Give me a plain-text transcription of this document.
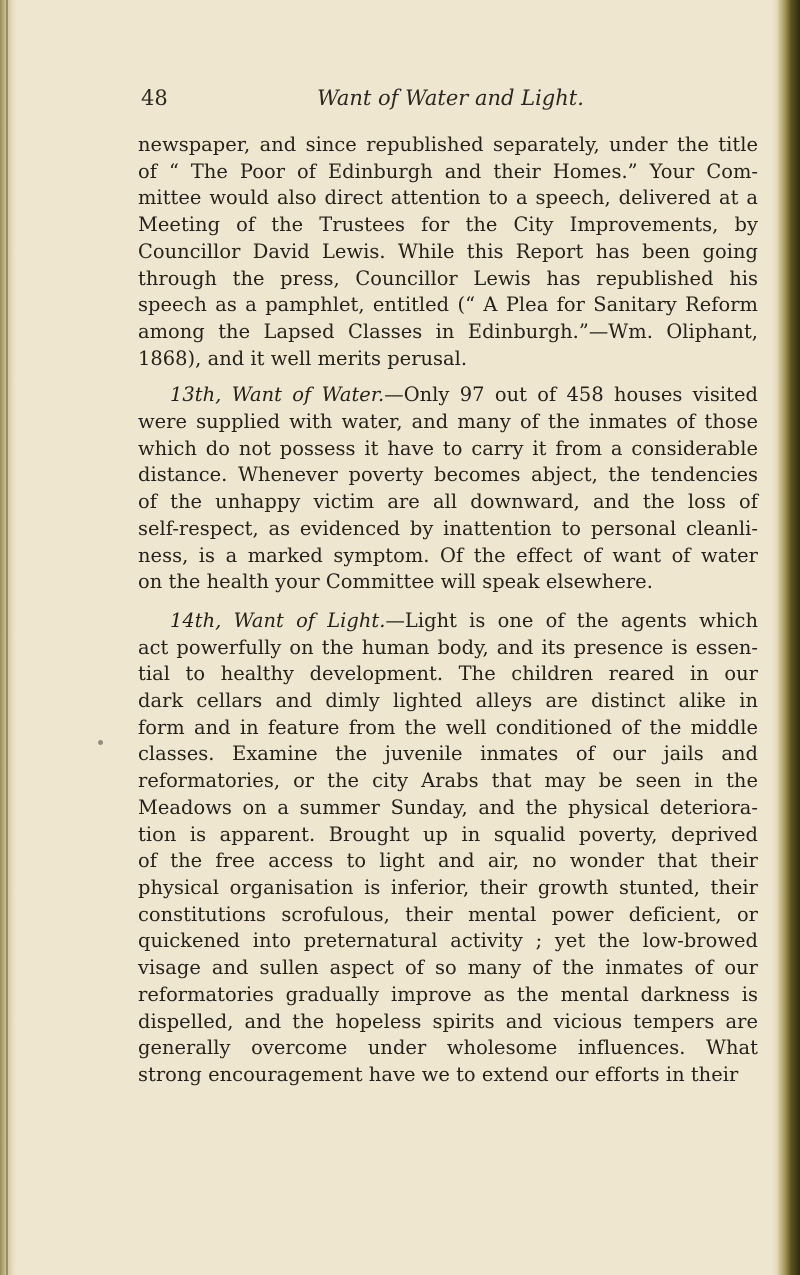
48	Want of Water and Light.
newspaper, and since republished separately, under the title
of “ The Poor of Edinburgh and their Homes.” Your Com-
mittee would also direct attention to a speech, delivered at a
Meeting of the Trustees for the City Improvements, by
Councillor David Lewis. While this Report has been going
through the press, Councillor Lewis has republished his
speech as a pamphlet, entitled (“ A Plea for Sanitary Reform
among the Lapsed Classes in Edinburgh.”—Wm. Oliphant,
1868), and it well merits perusal.
13th, Want of Water.—Only 97 out of 458 houses visited
were supplied with water, and many of the inmates of those
which do not possess it have to carry it from a considerable
distance. Whenever poverty becomes abject, the tendencies
of the unhappy victim are all downward, and the loss of
self-respect, as evidenced by inattention to personal cleanli-
ness, is a marked symptom. Of the effect of want of water
on the health your Committee will speak elsewhere.
14th, Want of Light.—Light is one of the agents which
act powerfully on the human body, and its presence is essen-
tial to healthy development. The children reared in our
dark cellars and dimly lighted alleys are distinct alike in
form and in feature from the well conditioned of the middle
classes. Examine the juvenile inmates of our jails and
reformatories, or the city Arabs that may be seen in the
Meadows on a summer Sunday, and the physical deteriora-
tion is apparent. Brought up in squalid poverty, deprived
of the free access to light and air, no wonder that their
physical organisation is inferior, their growth stunted, their
constitutions scrofulous, their mental power deficient, or
quickened into preternatural activity ; yet the low-browed
visage and sullen aspect of so many of the inmates of our
reformatories gradually improve as the mental darkness is
dispelled, and the hopeless spirits and vicious tempers are
generally overcome under wholesome influences. What
strong encouragement have we to extend our efforts in their
